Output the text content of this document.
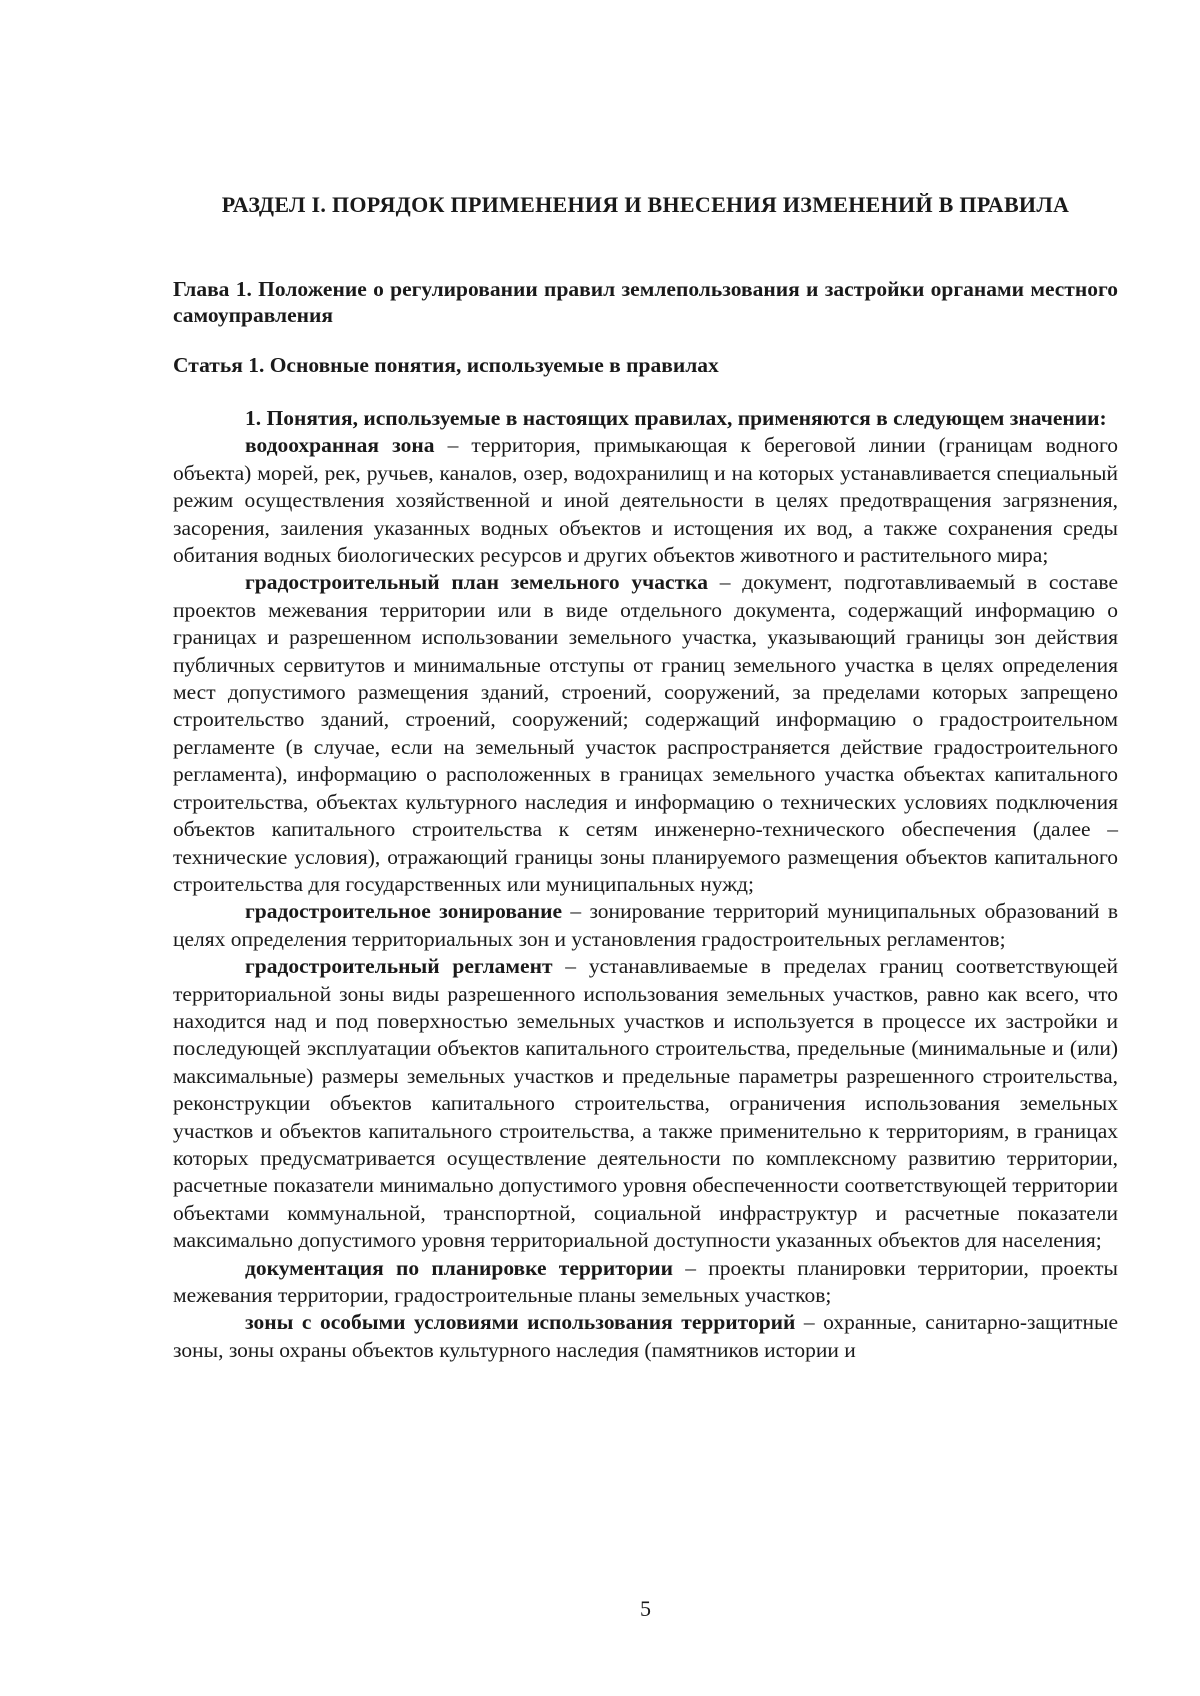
РАЗДЕЛ I. ПОРЯДОК ПРИМЕНЕНИЯ И ВНЕСЕНИЯ ИЗМЕНЕНИЙ В ПРАВИЛА
Глава 1. Положение о регулировании правил землепользования и застройки органами местного самоуправления
Статья 1. Основные понятия, используемые в правилах

1. Понятия, используемые в настоящих правилах, применяются в следующем значении:

водоохранная зона – территория, примыкающая к береговой линии (границам водного объекта) морей, рек, ручьев, каналов, озер, водохранилищ и на которых устанавливается специальный режим осуществления хозяйственной и иной деятельности в целях предотвращения загрязнения, засорения, заиления указанных водных объектов и истощения их вод, а также сохранения среды обитания водных биологических ресурсов и других объектов животного и растительного мира;

градостроительный план земельного участка – документ, подготавливаемый в составе проектов межевания территории или в виде отдельного документа, содержащий информацию о границах и разрешенном использовании земельного участка, указывающий границы зон действия публичных сервитутов и минимальные отступы от границ земельного участка в целях определения мест допустимого размещения зданий, строений, сооружений, за пределами которых запрещено строительство зданий, строений, сооружений; содержащий информацию о градостроительном регламенте (в случае, если на земельный участок распространяется действие градостроительного регламента), информацию о расположенных в границах земельного участка объектах капитального строительства, объектах культурного наследия и информацию о технических условиях подключения объектов капитального строительства к сетям инженерно-технического обеспечения (далее – технические условия), отражающий границы зоны планируемого размещения объектов капитального строительства для государственных или муниципальных нужд;

градостроительное зонирование – зонирование территорий муниципальных образований в целях определения территориальных зон и установления градостроительных регламентов;

градостроительный регламент – устанавливаемые в пределах границ соответствующей территориальной зоны виды разрешенного использования земельных участков, равно как всего, что находится над и под поверхностью земельных участков и используется в процессе их застройки и последующей эксплуатации объектов капитального строительства, предельные (минимальные и (или) максимальные) размеры земельных участков и предельные параметры разрешенного строительства, реконструкции объектов капитального строительства, ограничения использования земельных участков и объектов капитального строительства, а также применительно к территориям, в границах которых предусматривается осуществление деятельности по комплексному развитию территории, расчетные показатели минимально допустимого уровня обеспеченности соответствующей территории объектами коммунальной, транспортной, социальной инфраструктур и расчетные показатели максимально допустимого уровня территориальной доступности указанных объектов для населения;

документация по планировке территории – проекты планировки территории, проекты межевания территории, градостроительные планы земельных участков;

зоны с особыми условиями использования территорий – охранные, санитарно-защитные зоны, зоны охраны объектов культурного наследия (памятников истории и

5
